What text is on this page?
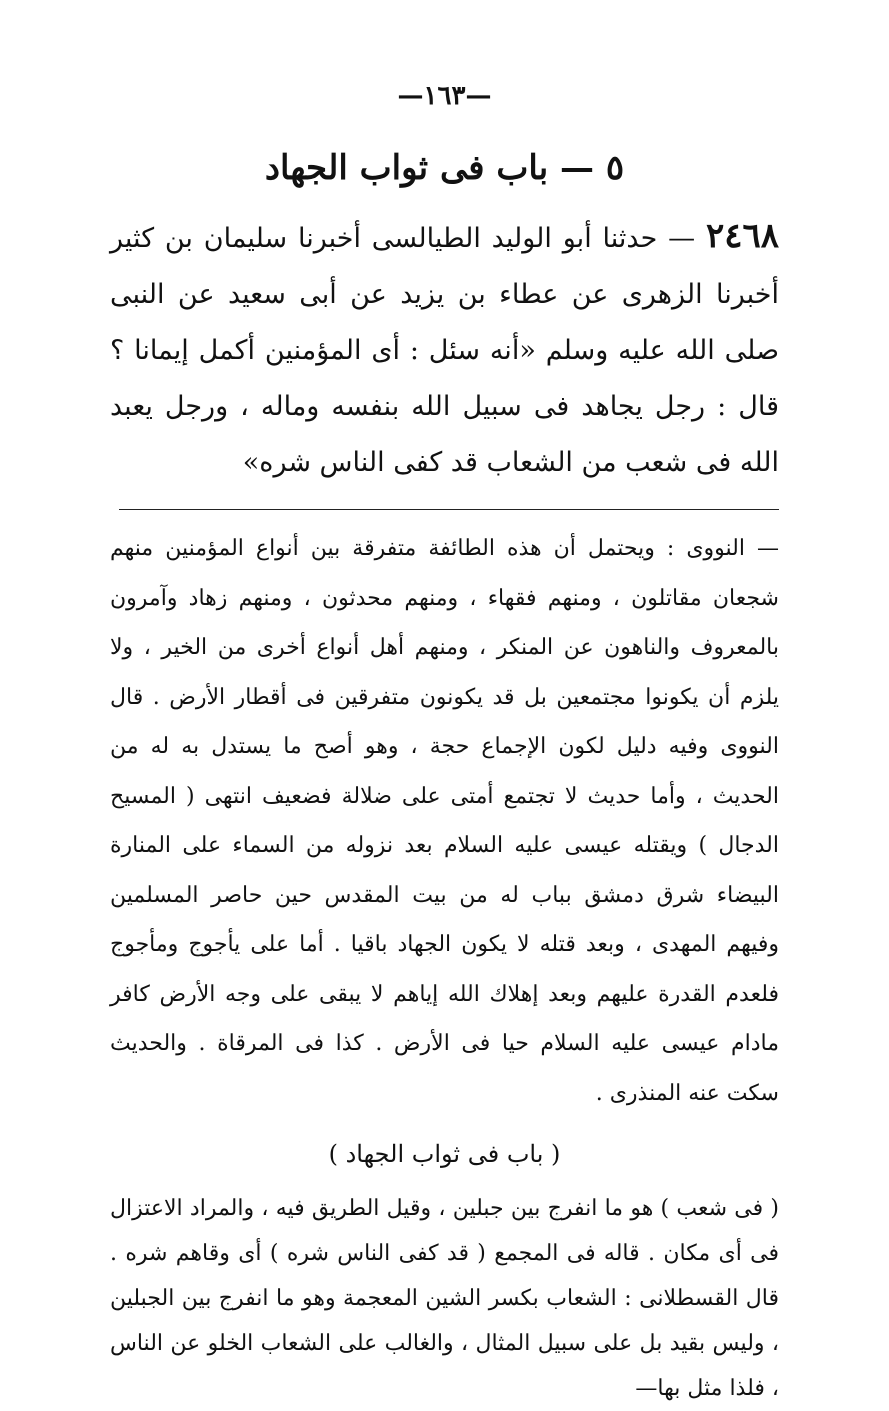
—١٦٣—
٥ — باب فى ثواب الجهاد

٢٤٦٨ — حدثنا أبو الوليد الطيالسى أخبرنا سليمان بن كثير أخبرنا الزهرى عن عطاء بن يزيد عن أبى سعيد عن النبى صلى الله عليه وسلم «أنه سئل : أى المؤمنين أكمل إيمانا ؟ قال : رجل يجاهد فى سبيل الله بنفسه وماله ، ورجل يعبد الله فى شعب من الشعاب قد كفى الناس شره»

— النووى : ويحتمل أن هذه الطائفة متفرقة بين أنواع المؤمنين منهم شجعان مقاتلون ، ومنهم فقهاء ، ومنهم محدثون ، ومنهم زهاد وآمرون بالمعروف والناهون عن المنكر ، ومنهم أهل أنواع أخرى من الخير ، ولا يلزم أن يكونوا مجتمعين بل قد يكونون متفرقين فى أقطار الأرض . قال النووى وفيه دليل لكون الإجماع حجة ، وهو أصح ما يستدل به له من الحديث ، وأما حديث لا تجتمع أمتى على ضلالة فضعيف انتهى ( المسيح الدجال ) ويقتله عيسى عليه السلام بعد نزوله من السماء على المنارة البيضاء شرق دمشق بباب له من بيت المقدس حين حاصر المسلمين وفيهم المهدى ، وبعد قتله لا يكون الجهاد باقيا . أما على يأجوج ومأجوج فلعدم القدرة عليهم وبعد إهلاك الله إياهم لا يبقى على وجه الأرض كافر مادام عيسى عليه السلام حيا فى الأرض . كذا فى المرقاة . والحديث سكت عنه المنذرى .

( باب فى ثواب الجهاد )

( فى شعب ) هو ما انفرج بين جبلين ، وقيل الطريق فيه ، والمراد الاعتزال فى أى مكان . قاله فى المجمع ( قد كفى الناس شره ) أى وقاهم شره . قال القسطلانى : الشعاب بكسر الشين المعجمة وهو ما انفرج بين الجبلين ، وليس بقيد بل على سبيل المثال ، والغالب على الشعاب الخلو عن الناس ، فلذا مثل بها—
